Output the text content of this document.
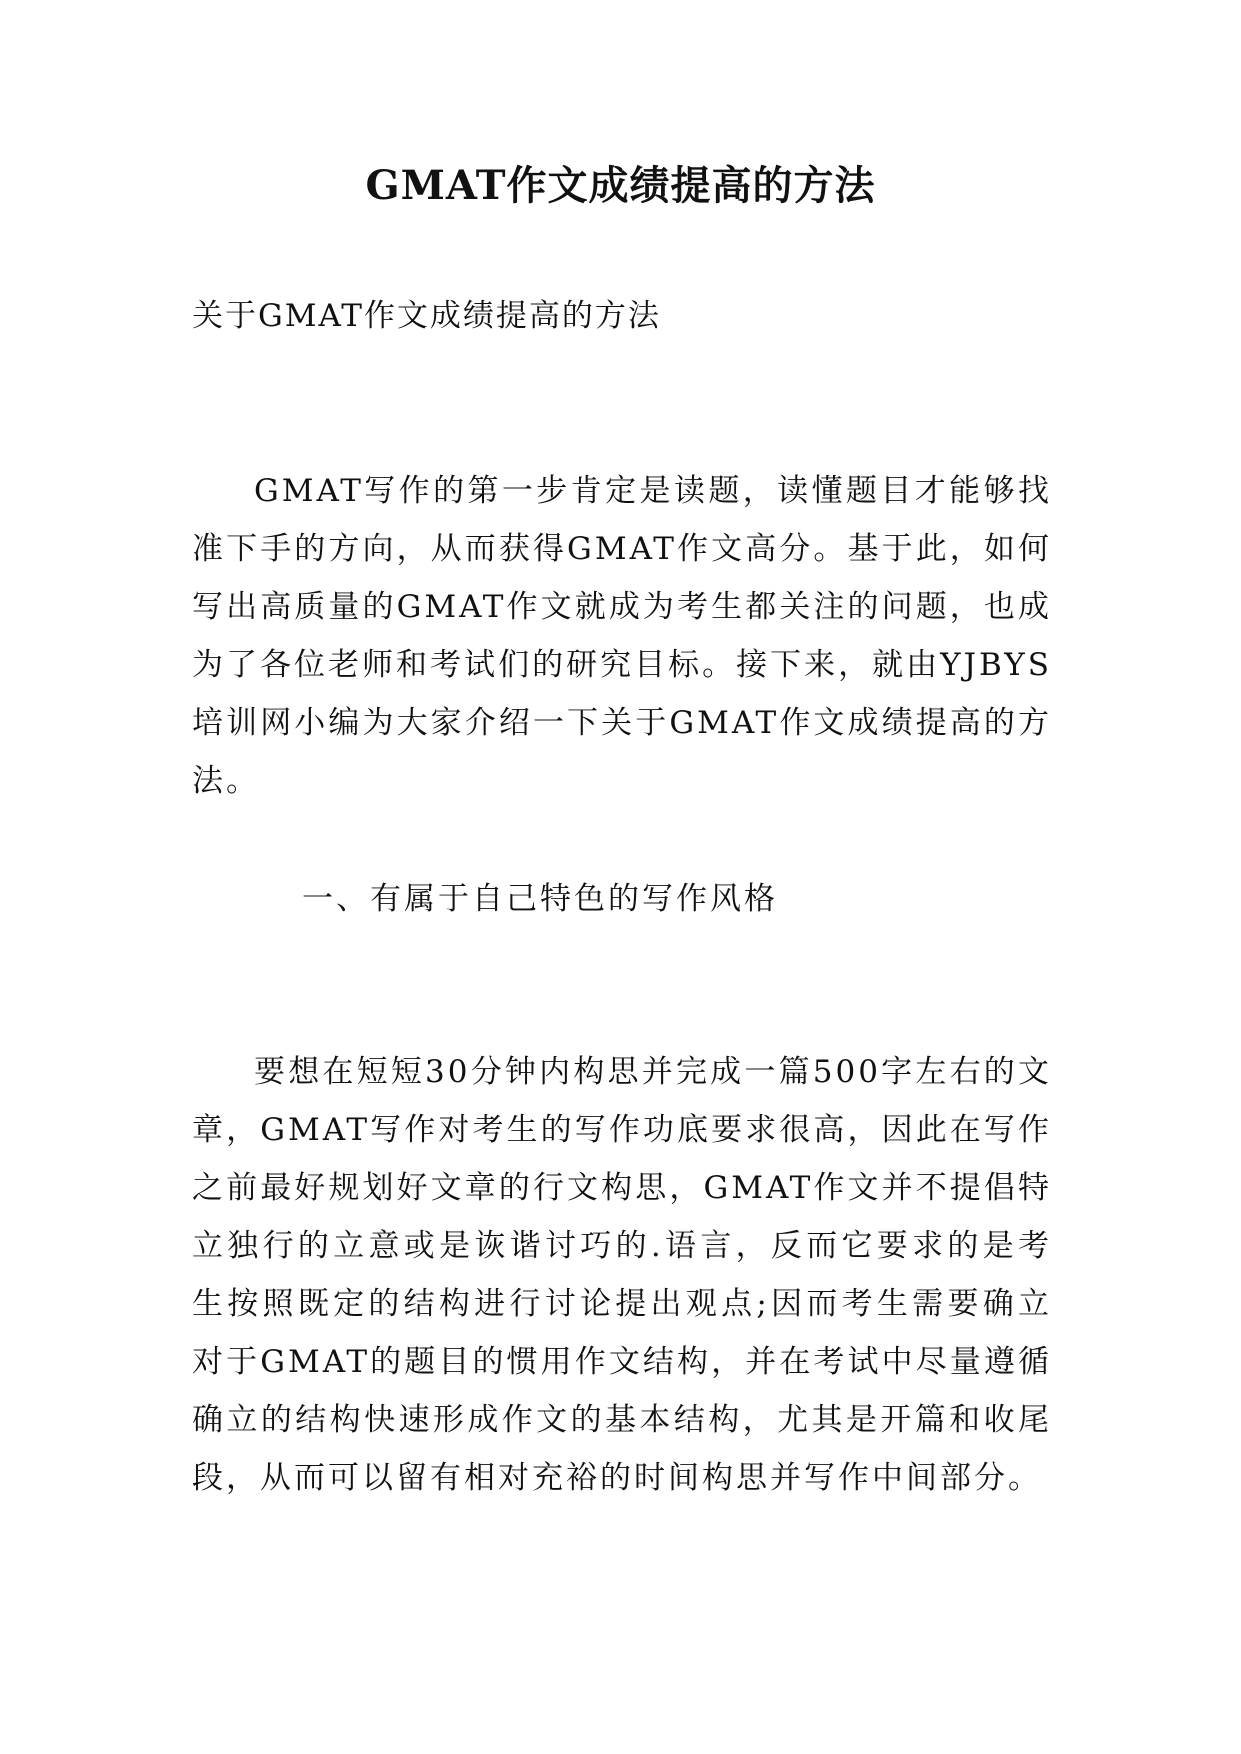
GMAT作文成绩提高的方法
关于GMAT作文成绩提高的方法

GMAT写作的第一步肯定是读题，读懂题目才能够找准下手的方向，从而获得GMAT作文高分。基于此，如何写出高质量的GMAT作文就成为考生都关注的问题，也成为了各位老师和考试们的研究目标。接下来，就由YJBYS培训网小编为大家介绍一下关于GMAT作文成绩提高的方法。

一、有属于自己特色的写作风格

要想在短短30分钟内构思并完成一篇500字左右的文章，GMAT写作对考生的写作功底要求很高，因此在写作之前最好规划好文章的行文构思，GMAT作文并不提倡特立独行的立意或是诙谐讨巧的.语言，反而它要求的是考生按照既定的结构进行讨论提出观点;因而考生需要确立对于GMAT的题目的惯用作文结构，并在考试中尽量遵循确立的结构快速形成作文的基本结构，尤其是开篇和收尾段，从而可以留有相对充裕的时间构思并写作中间部分。
